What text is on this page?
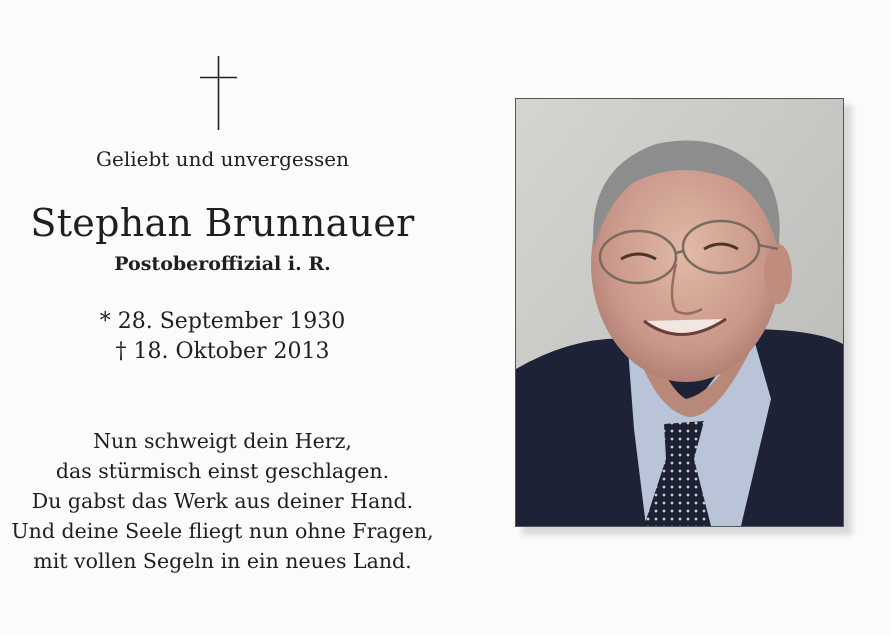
Geliebt und unvergessen
Stephan Brunnauer
Postoberoffizial i. R.
* 28. September 1930
† 18. Oktober 2013
Nun schweigt dein Herz,
das stürmisch einst geschlagen.
Du gabst das Werk aus deiner Hand.
Und deine Seele fliegt nun ohne Fragen,
mit vollen Segeln in ein neues Land.
